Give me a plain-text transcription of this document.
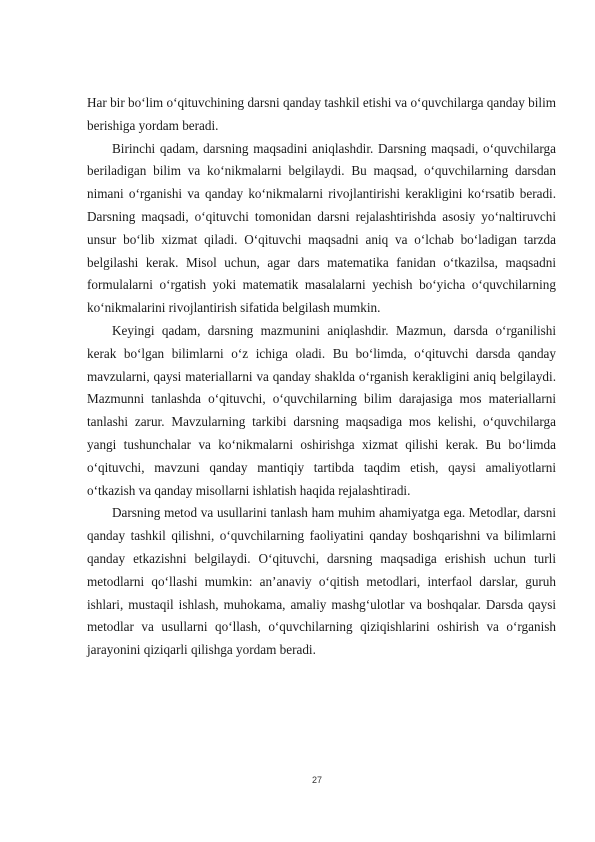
Har bir bo‘lim o‘qituvchining darsni qanday tashkil etishi va o‘quvchilarga qanday bilim berishiga yordam beradi.

Birinchi qadam, darsning maqsadini aniqlashdir. Darsning maqsadi, o‘quvchilarga beriladigan bilim va ko‘nikmalarni belgilaydi. Bu maqsad, o‘quvchilarning darsdan nimani o‘rganishi va qanday ko‘nikmalarni rivojlantirishi kerakligini ko‘rsatib beradi. Darsning maqsadi, o‘qituvchi tomonidan darsni rejalashtirishda asosiy yo‘naltiruvchi unsur bo‘lib xizmat qiladi. O‘qituvchi maqsadni aniq va o‘lchab bo‘ladigan tarzda belgilashi kerak. Misol uchun, agar dars matematika fanidan o‘tkazilsa, maqsadni formulalarni o‘rgatish yoki matematik masalalarni yechish bo‘yicha o‘quvchilarning ko‘nikmalarini rivojlantirish sifatida belgilash mumkin.

Keyingi qadam, darsning mazmunini aniqlashdir. Mazmun, darsda o‘rganilishi kerak bo‘lgan bilimlarni o‘z ichiga oladi. Bu bo‘limda, o‘qituvchi darsda qanday mavzularni, qaysi materiallarni va qanday shaklda o‘rganish kerakligini aniq belgilaydi. Mazmunni tanlashda o‘qituvchi, o‘quvchilarning bilim darajasiga mos materiallarni tanlashi zarur. Mavzularning tarkibi darsning maqsadiga mos kelishi, o‘quvchilarga yangi tushunchalar va ko‘nikmalarni oshirishga xizmat qilishi kerak. Bu bo‘limda o‘qituvchi, mavzuni qanday mantiqiy tartibda taqdim etish, qaysi amaliyotlarni o‘tkazish va qanday misollarni ishlatish haqida rejalashtiradi.

Darsning metod va usullarini tanlash ham muhim ahamiyatga ega. Metodlar, darsni qanday tashkil qilishni, o‘quvchilarning faoliyatini qanday boshqarishni va bilimlarni qanday etkazishni belgilaydi. O‘qituvchi, darsning maqsadiga erishish uchun turli metodlarni qo‘llashi mumkin: an’anaviy o‘qitish metodlari, interfaol darslar, guruh ishlari, mustaqil ishlash, muhokama, amaliy mashg‘ulotlar va boshqalar. Darsda qaysi metodlar va usullarni qo‘llash, o‘quvchilarning qiziqishlarini oshirish va o‘rganish jarayonini qiziqarli qilishga yordam beradi.

27
